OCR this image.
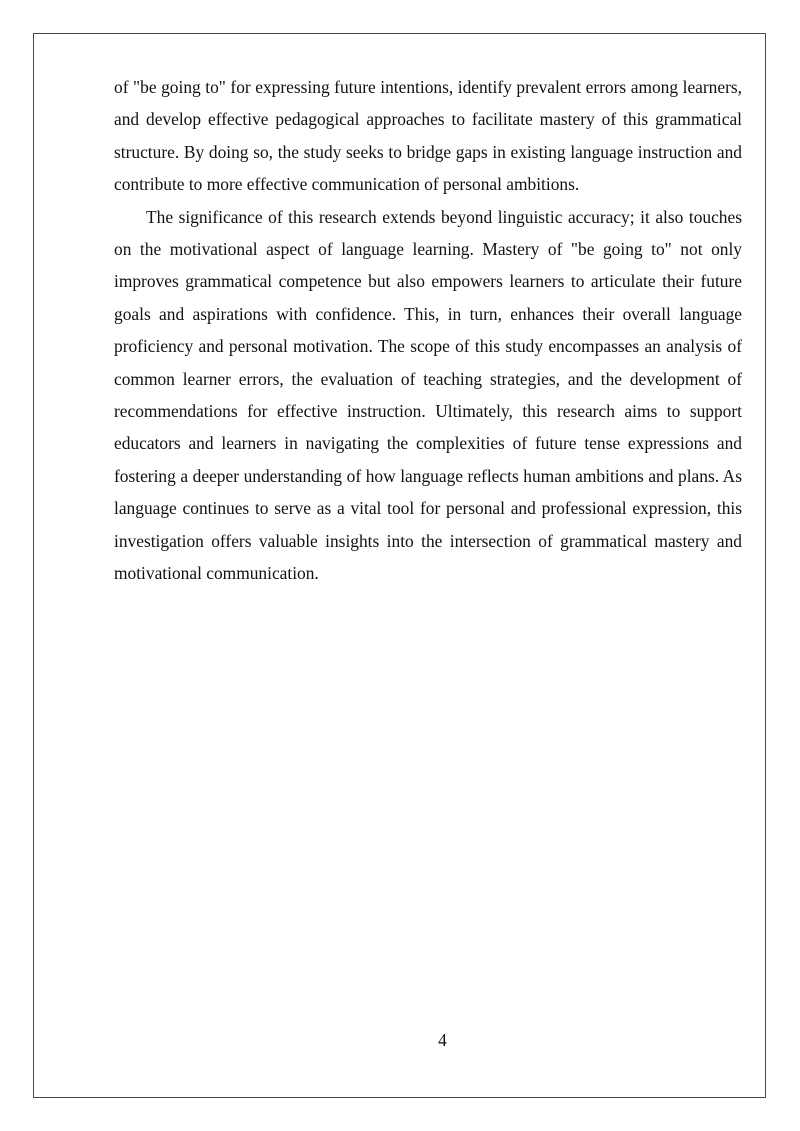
of "be going to" for expressing future intentions, identify prevalent errors among learners, and develop effective pedagogical approaches to facilitate mastery of this grammatical structure. By doing so, the study seeks to bridge gaps in existing language instruction and contribute to more effective communication of personal ambitions.

The significance of this research extends beyond linguistic accuracy; it also touches on the motivational aspect of language learning. Mastery of "be going to" not only improves grammatical competence but also empowers learners to articulate their future goals and aspirations with confidence. This, in turn, enhances their overall language proficiency and personal motivation. The scope of this study encompasses an analysis of common learner errors, the evaluation of teaching strategies, and the development of recommendations for effective instruction. Ultimately, this research aims to support educators and learners in navigating the complexities of future tense expressions and fostering a deeper understanding of how language reflects human ambitions and plans. As language continues to serve as a vital tool for personal and professional expression, this investigation offers valuable insights into the intersection of grammatical mastery and motivational communication.

4
